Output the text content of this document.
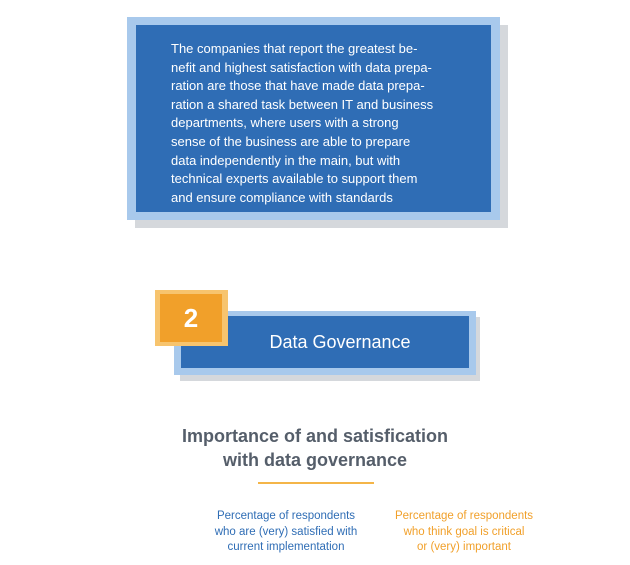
The companies that report the greatest be-
nefit and highest satisfaction with data prepa-
ration are those that have made data prepa-
ration a shared task between IT and business
departments, where users with a strong
sense of the business are able to prepare
data independently in the main, but with
technical experts available to support them
and ensure compliance with standards

Data Governance

2
Importance of and satisfication
with data governance

Percentage of respondents
who are (very) satisfied with
current implementation

Percentage of respondents
who think goal is critical
or (very) important
